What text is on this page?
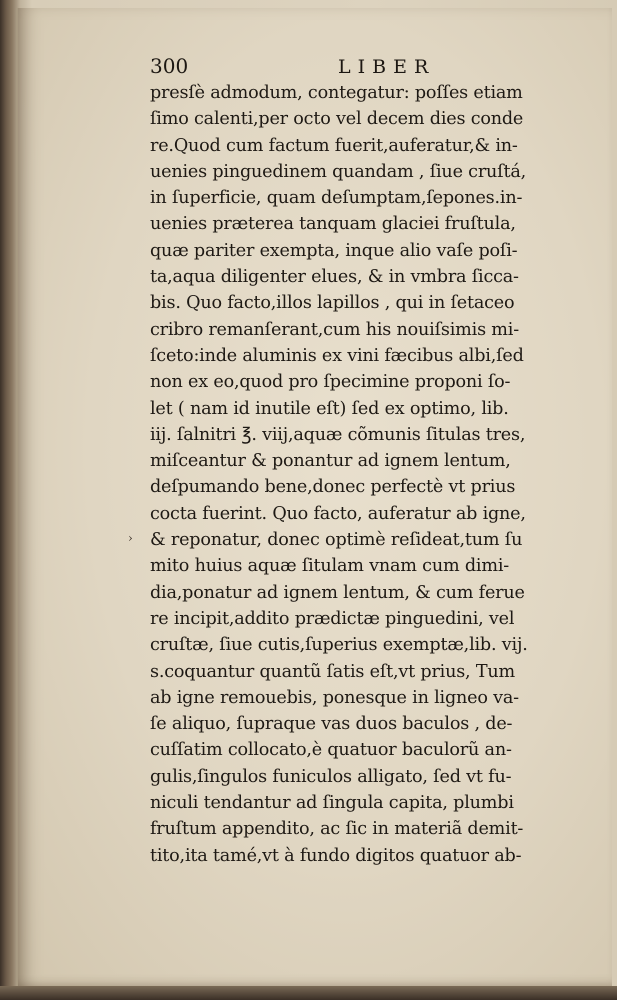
300	LIBER
›
presſè admodum, contegatur: poſſes etiam
ſimo calenti,per octo vel decem dies conde
re.Quod cum factum fuerit,auferatur,& in-
uenies pinguedinem quandam , ſiue cruſtá,
in ſuperficie, quam deſumptam,ſepones.in-
uenies præterea tanquam glaciei fruſtula,
quæ pariter exempta, inque alio vaſe poſi-
ta,aqua diligenter elues, & in vmbra ſicca-
bis. Quo facto,illos lapillos , qui in ſetaceo
cribro remanſerant,cum his nouiſsimis mi-
ſceto:inde aluminis ex vini fæcibus albi,ſed
non ex eo,quod pro ſpecimine proponi ſo-
let ( nam id inutile eſt) ſed ex optimo, lib.
iij. ſalnitri ℥. viij,aquæ cõmunis ſitulas tres,
miſceantur & ponantur ad ignem lentum,
deſpumando bene,donec perfectè vt prius
cocta fuerint. Quo facto, auferatur ab igne,
& reponatur, donec optimè reſideat,tum ſu
mito huius aquæ ſitulam vnam cum dimi-
dia,ponatur ad ignem lentum, & cum ferue
re incipit,addito prædictæ pinguedini, vel
cruſtæ, ſiue cutis,ſuperius exemptæ,lib. vij.
s.coquantur quantũ ſatis eſt,vt prius, Tum
ab igne remouebis, ponesque in ligneo va-
ſe aliquo, ſupraque vas duos baculos , de-
cuſſatim collocato,è quatuor baculorũ an-
gulis,ſingulos funiculos alligato, ſed vt fu-
niculi tendantur ad ſingula capita, plumbi
fruſtum appendito, ac ſic in materiã demit-
tito,ita tamé,vt à fundo digitos quatuor ab-
